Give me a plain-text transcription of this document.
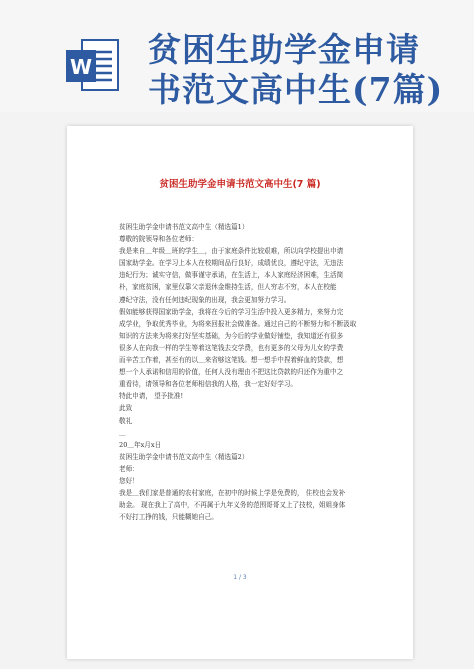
W 贫困生助学金申请
书范文高中生(7篇)
贫困生助学金申请书范文高中生(7 篇)
贫困生助学金申请书范文高中生（精选篇1）
尊敬的院领导和各位老师：
我是来自＿年级＿班的学生＿，由于家庭条件比较艰难，所以向学校提出申请
国家助学金。在学习上本人在校期间品行良好，成绩优良，遵纪守法，无违法
违纪行为；诚实守信，做事谨守承诺，在生活上，本人家庭经济困难，生活简
朴，家庭贫困，家里仅靠父亲退休金维持生活，但人穷志不穷，本人在校能
遵纪守法，没有任何违纪现象的出现，我会更加努力学习。
假如能够获得国家助学金，我将在今后的学习生活中投入更多精力，来努力完
成学业，争取优秀毕业，为将来回报社会做准备。通过自己的不断努力和不断汲取
知识的方法来为将来打好坚实基础，为今后的学业做好铺垫，我知道还有很多
很多人在向我一样的学生等着这笔钱去交学费，也有更多的父母为儿女的学费
而辛苦工作着，甚至有的以＿来省够这笔钱。想一想手中捏着鲜血的贷款，想
想一个人承诺和信用的价值，任何人没有理由不把这比贷款的归还作为重中之
重看待，请领导和各位老师相信我的人格，我一定好好学习。
特此申请， 望予批准!
此致
敬礼
＿
20＿年x月x日
贫困生助学金申请书范文高中生（精选篇2）
老师：
您好！
我是＿我们家是普通的农村家庭，在初中的时候上学是免费的， 住校也会发补
助金。 现在我上了高中，不再属于九年义务的范围哥哥又上了技校，姐姐身体
不好打工挣的钱，只能糊她自己。
1 / 3
